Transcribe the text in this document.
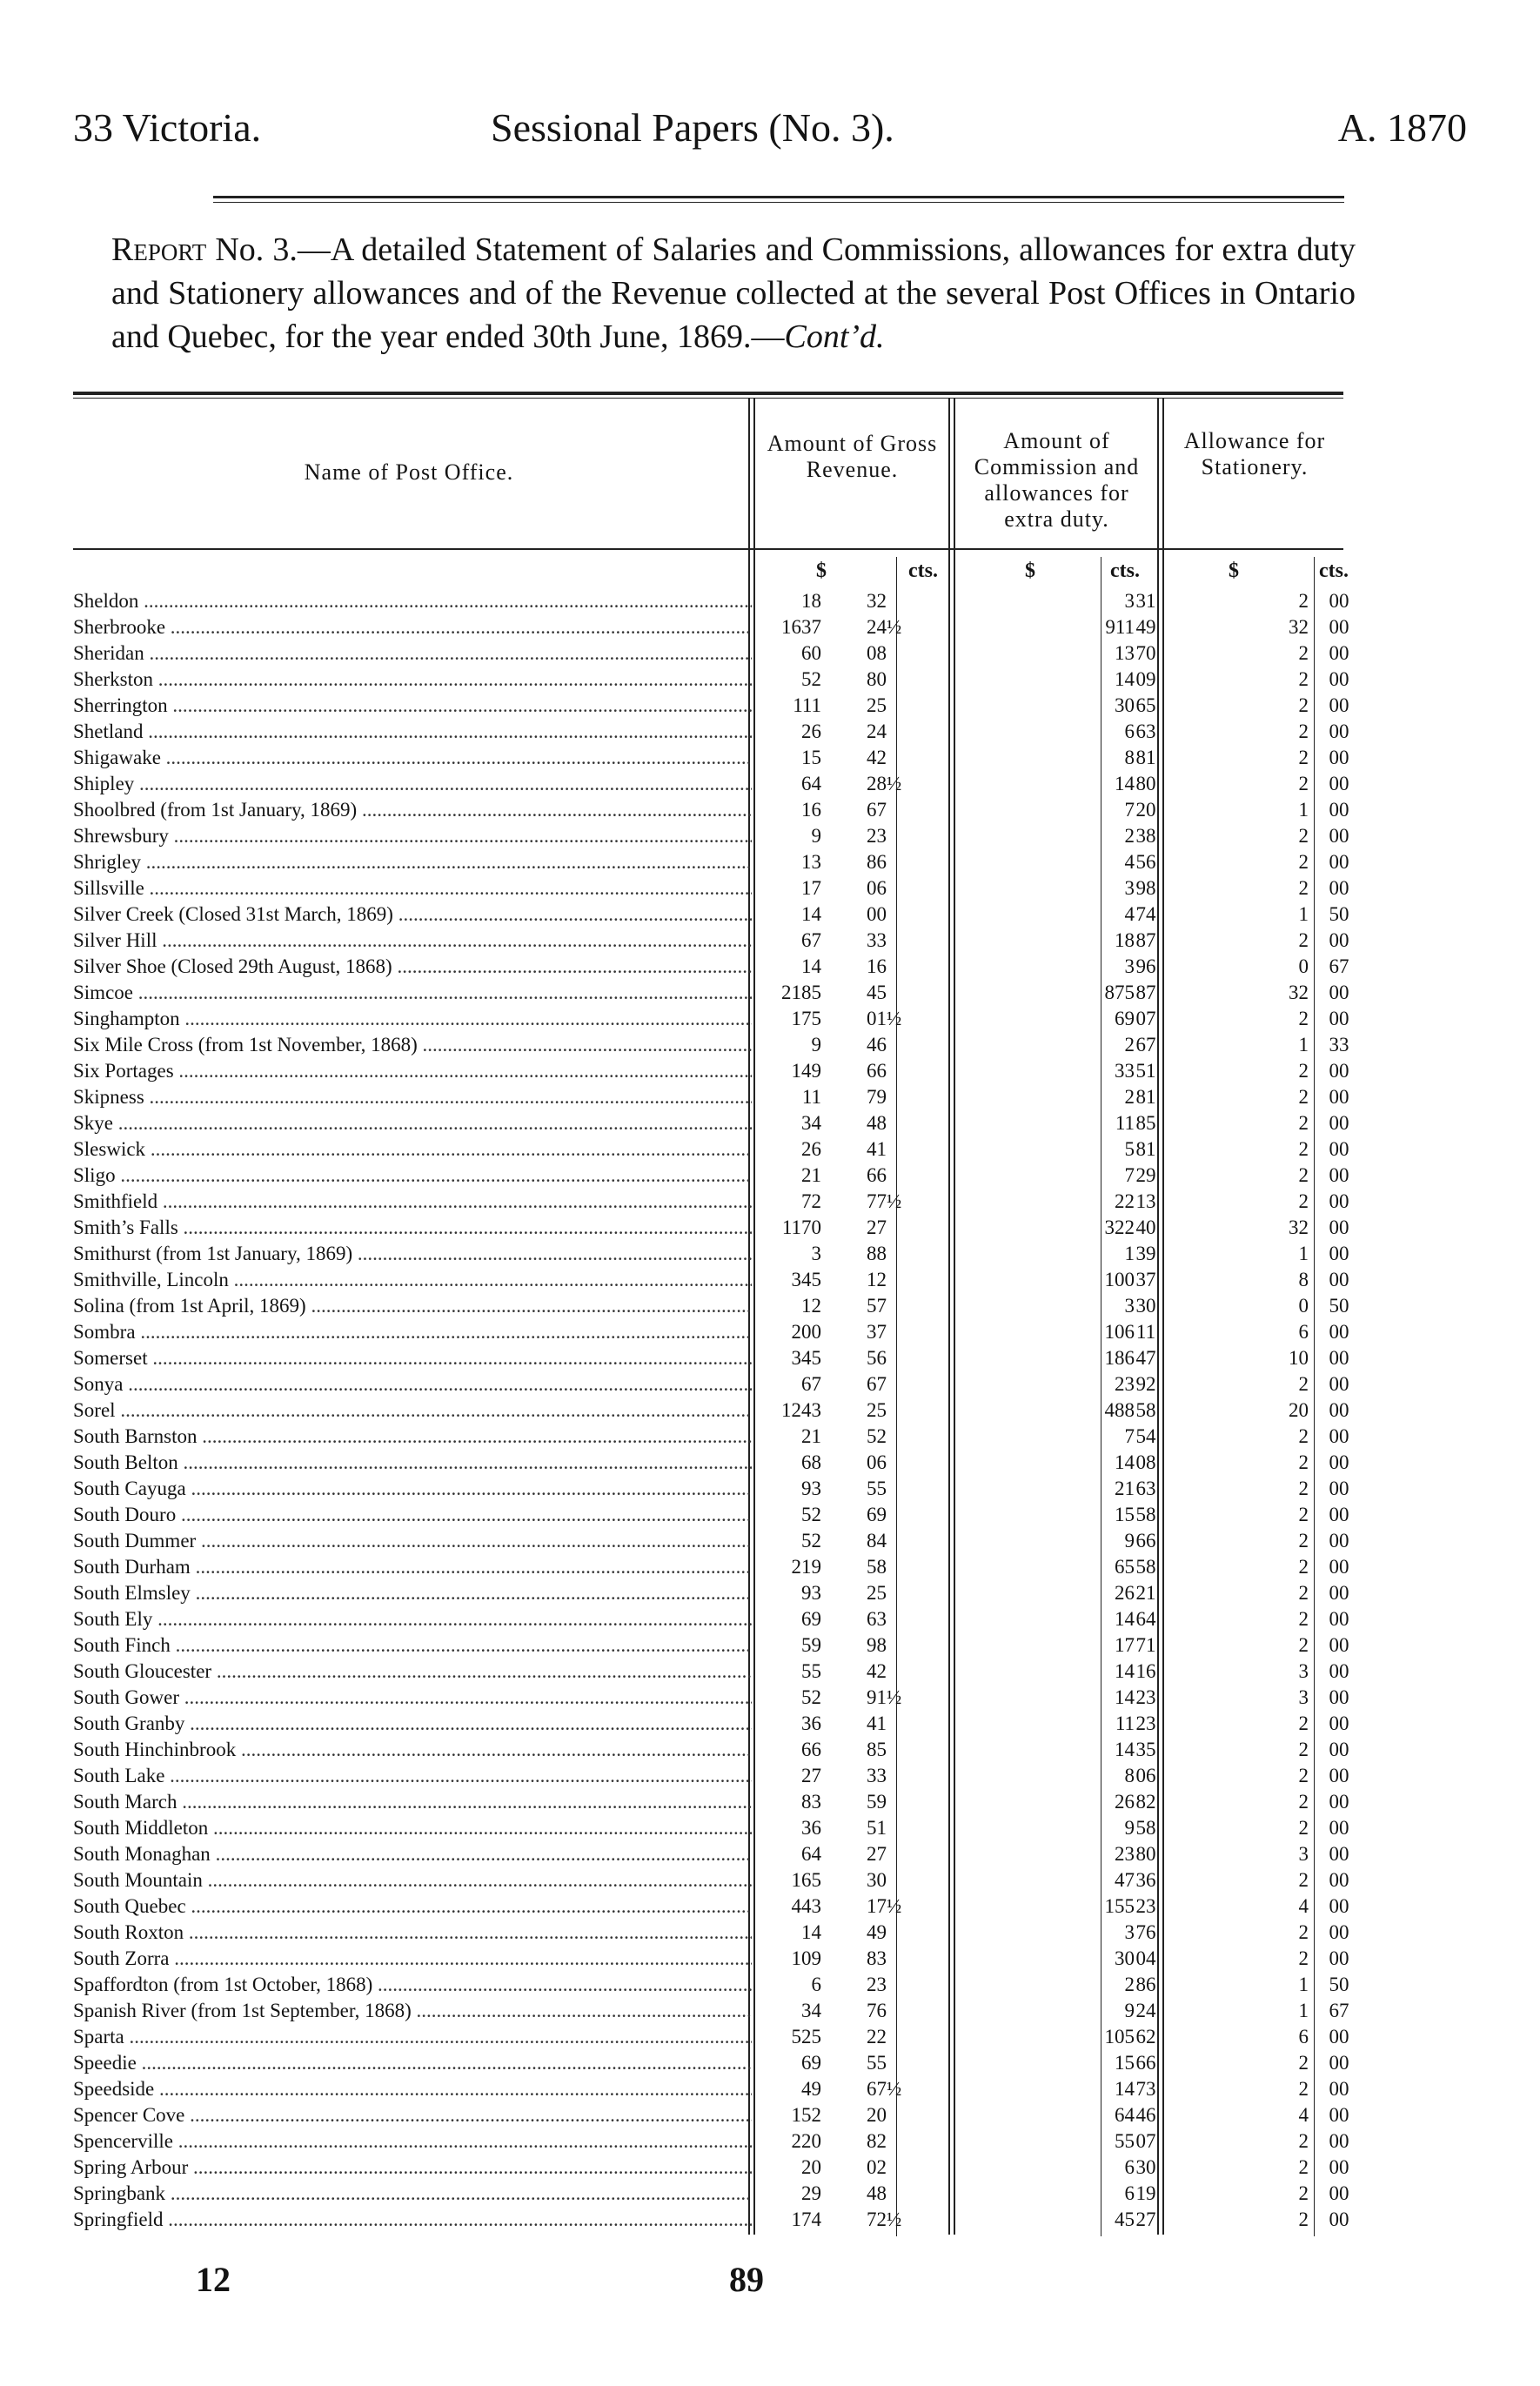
33 Victoria.	Sessional Papers (No. 3).	A. 1870
Report No. 3.—A detailed Statement of Salaries and Commissions, allowances for extra duty and Stationery allowances and of the Revenue collected at the several Post Offices in Ontario and Quebec, for the year ended 30th June, 1869.—Cont’d.
Name of Post Office.
Amount of Gross Revenue.
Amount of Commission and allowances for extra duty.
Allowance for Stationery.
$	cts.	$	cts.	$	cts.
Sheldon .....	18	32	3 31	2	00
Sherbrooke .....	1637	24½	911 49	32	00
Sheridan .....	60	08	13 70	2	00
Sherkston .....	52	80	14 09	2	00
Sherrington .....	111	25	30 65	2	00
Shetland .....	26	24	6 63	2	00
Shigawake .....	15	42	8 81	2	00
Shipley .....	64	28½	14 80	2	00
Shoolbred (from 1st January, 1869) .....	16	67	7 20	1	00
Shrewsbury .....	9	23	2 38	2	00
Shrigley .....	13	86	4 56	2	00
Sillsville .....	17	06	3 98	2	00
Silver Creek (Closed 31st March, 1869) .....	14	00	4 74	1	50
Silver Hill .....	67	33	18 87	2	00
Silver Shoe (Closed 29th August, 1868) .....	14	16	3 96	0	67
Simcoe .....	2185	45	875 87	32	00
Singhampton .....	175	01½	69 07	2	00
Six Mile Cross (from 1st November, 1868) .....	9	46	2 67	1	33
Six Portages .....	149	66	33 51	2	00
Skipness .....	11	79	2 81	2	00
Skye .....	34	48	11 85	2	00
Sleswick .....	26	41	5 81	2	00
Sligo .....	21	66	7 29	2	00
Smithfield .....	72	77½	22 13	2	00
Smith’s Falls .....	1170	27	322 40	32	00
Smithurst (from 1st January, 1869) .....	3	88	1 39	1	00
Smithville, Lincoln .....	345	12	100 37	8	00
Solina (from 1st April, 1869) .....	12	57	3 30	0	50
Sombra .....	200	37	106 11	6	00
Somerset .....	345	56	186 47	10	00
Sonya .....	67	67	23 92	2	00
Sorel .....	1243	25	488 58	20	00
South Barnston .....	21	52	7 54	2	00
South Belton .....	68	06	14 08	2	00
South Cayuga .....	93	55	21 63	2	00
South Douro .....	52	69	15 58	2	00
South Dummer .....	52	84	9 66	2	00
South Durham .....	219	58	65 58	2	00
South Elmsley .....	93	25	26 21	2	00
South Ely .....	69	63	14 64	2	00
South Finch .....	59	98	17 71	2	00
South Gloucester .....	55	42	14 16	3	00
South Gower .....	52	91½	14 23	3	00
South Granby .....	36	41	11 23	2	00
South Hinchinbrook .....	66	85	14 35	2	00
South Lake .....	27	33	8 06	2	00
South March .....	83	59	26 82	2	00
South Middleton .....	36	51	9 58	2	00
South Monaghan .....	64	27	23 80	3	00
South Mountain .....	165	30	47 36	2	00
South Quebec .....	443	17½	155 23	4	00
South Roxton .....	14	49	3 76	2	00
South Zorra .....	109	83	30 04	2	00
Spaffordton (from 1st October, 1868) .....	6	23	2 86	1	50
Spanish River (from 1st September, 1868) .....	34	76	9 24	1	67
Sparta .....	525	22	105 62	6	00
Speedie .....	69	55	15 66	2	00
Speedside .....	49	67½	14 73	2	00
Spencer Cove .....	152	20	64 46	4	00
Spencerville .....	220	82	55 07	2	00
Spring Arbour .....	20	02	6 30	2	00
Springbank .....	29	48	6 19	2	00
Springfield .....	174	72½	45 27	2	00
12	89
